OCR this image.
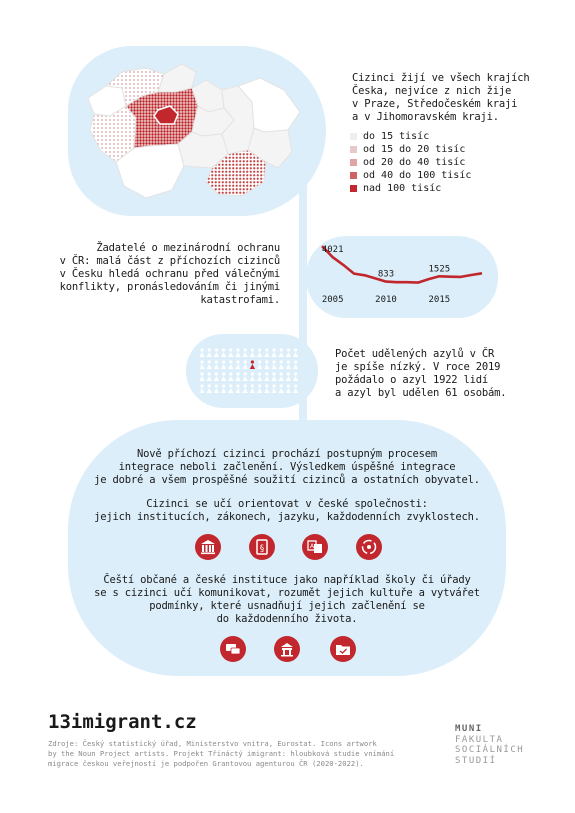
Cizinci žijí ve všech krajích
Česka, nejvíce z nich žije
v Praze, Středočeském kraji
a v Jihomoravském kraji.
do 15 tisíc
od 15 do 20 tisíc
od 20 do 40 tisíc
od 40 do 100 tisíc
nad 100 tisíc
Žadatelé o mezinárodní ochranu
v ČR: malá část z příchozích cizinců
v Česku hledá ochranu před válečnými
konflikty, pronásledováním či jinými
katastrofami.
4021
833
1525
2005	2010	2015
Počet udělených azylů v ČR
je spíše nízký. V roce 2019
požádalo o azyl 1922 lidí
a azyl byl udělen 61 osobám.
Nově příchozí cizinci prochází postupným procesem
integrace neboli začlenění. Výsledkem úspěšné integrace
je dobré a všem prospěšné soužití cizinců a ostatních obyvatel.
Cizinci se učí orientovat v české společnosti:
jejich institucích, zákonech, jazyku, každodenních zvyklostech.
§	A
Čeští občané a české instituce jako například školy či úřady
se s cizinci učí komunikovat, rozumět jejich kultuře a vytvářet
podmínky, které usnadňují jejich začlenění se
do každodenního života.
13imigrant.cz
Zdroje: Český statistický úřad, Ministerstvo vnitra, Eurostat. Icons artwork
by the Noun Project artists. Projekt Třináctý imigrant: hloubková studie vnímání
migrace českou veřejností je podpořen Grantovou agenturou ČR (2020-2022).
MUNI
FAKULTA
SOCIÁLNÍCH
STUDIÍ
